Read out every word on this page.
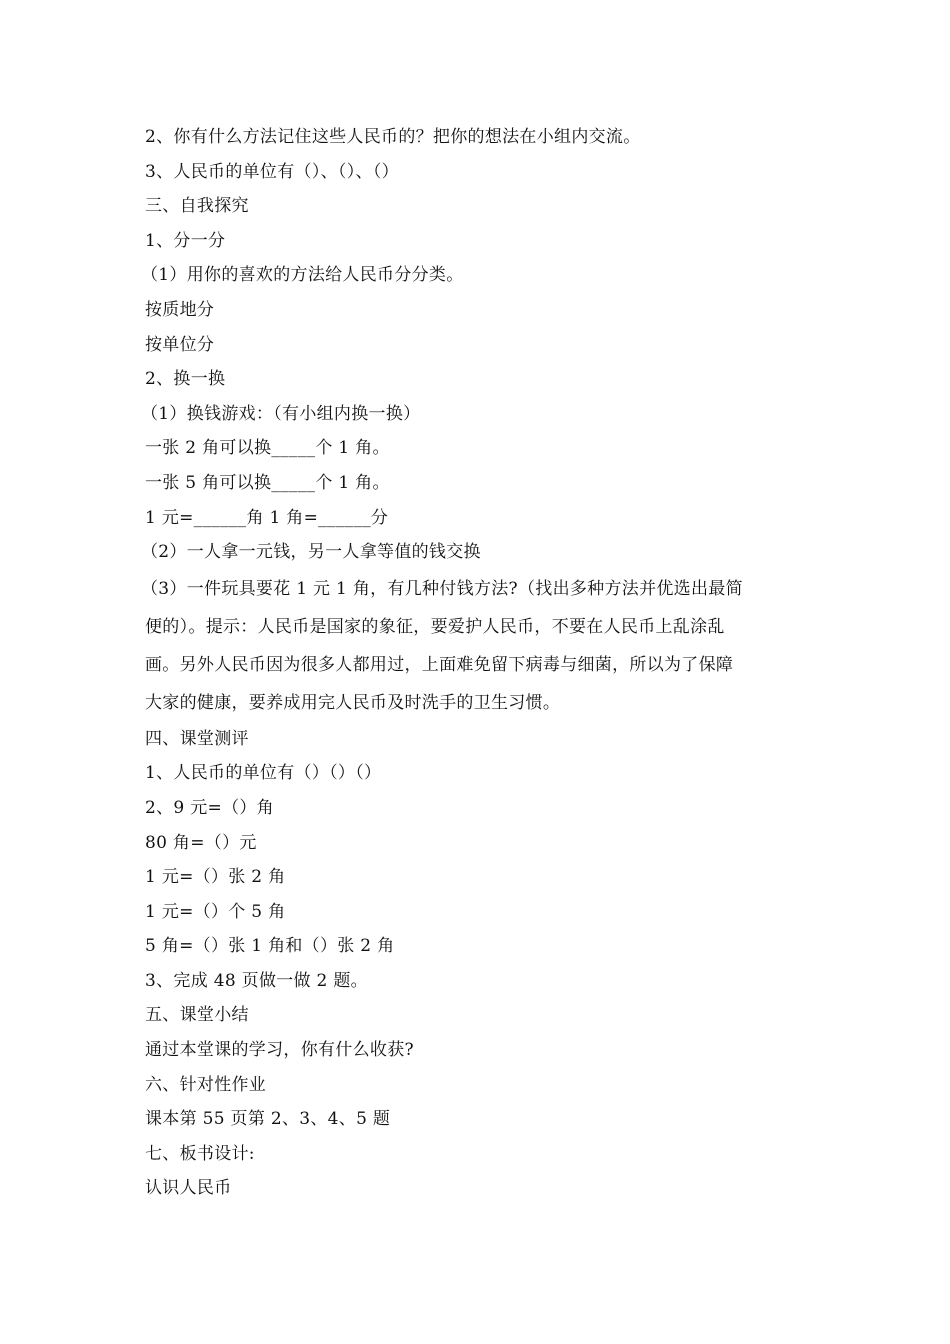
2、你有什么方法记住这些人民币的？把你的想法在小组内交流。
3、人民币的单位有（）、（）、（）
三、自我探究
1、分一分
（1）用你的喜欢的方法给人民币分分类。
按质地分
按单位分
2、换一换
（1）换钱游戏：（有小组内换一换）
一张 2 角可以换_____个 1 角。
一张 5 角可以换_____个 1 角。
1 元=______角 1 角=______分
（2）一人拿一元钱，另一人拿等值的钱交换
（3）一件玩具要花 1 元 1 角，有几种付钱方法?（找出多种方法并优选出最简
便的）。提示：人民币是国家的象征，要爱护人民币，不要在人民币上乱涂乱
画。另外人民币因为很多人都用过，上面难免留下病毒与细菌，所以为了保障
大家的健康，要养成用完人民币及时洗手的卫生习惯。
四、课堂测评
1、人民币的单位有（）（）（）
2、9 元=（）角
80 角=（）元
1 元=（）张 2 角
1 元=（）个 5 角
5 角=（）张 1 角和（）张 2 角
3、完成 48 页做一做 2 题。
五、课堂小结
通过本堂课的学习，你有什么收获?
六、针对性作业
课本第 55 页第 2、3、4、5 题
七、板书设计:
认识人民币
